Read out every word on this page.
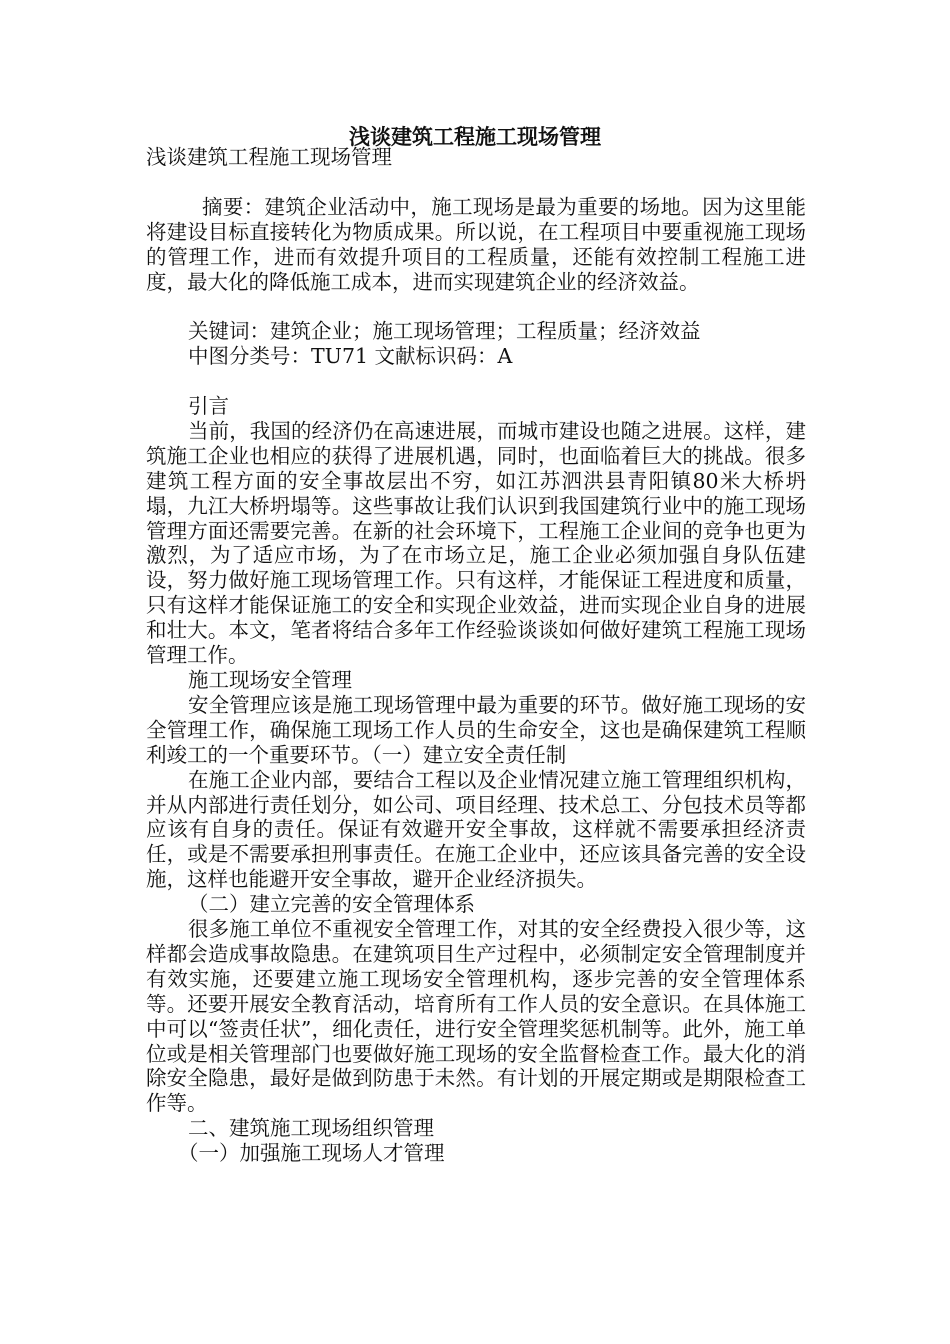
浅谈建筑工程施工现场管理

浅谈建筑工程施工现场管理

摘要：建筑企业活动中，施工现场是最为重要的场地。因为这里能将建设目标直接转化为物质成果。所以说，在工程项目中要重视施工现场的管理工作，进而有效提升项目的工程质量，还能有效控制工程施工进度，最大化的降低施工成本，进而实现建筑企业的经济效益。

关键词：建筑企业；施工现场管理；工程质量；经济效益

中图分类号：TU71 文献标识码：A

引言

当前，我国的经济仍在高速进展，而城市建设也随之进展。这样，建筑施工企业也相应的获得了进展机遇，同时，也面临着巨大的挑战。很多建筑工程方面的安全事故层出不穷，如江苏泗洪县青阳镇80米大桥坍塌，九江大桥坍塌等。这些事故让我们认识到我国建筑行业中的施工现场管理方面还需要完善。在新的社会环境下，工程施工企业间的竞争也更为激烈，为了适应市场，为了在市场立足，施工企业必须加强自身队伍建设，努力做好施工现场管理工作。只有这样，才能保证工程进度和质量，只有这样才能保证施工的安全和实现企业效益，进而实现企业自身的进展和壮大。本文，笔者将结合多年工作经验谈谈如何做好建筑工程施工现场管理工作。

施工现场安全管理

安全管理应该是施工现场管理中最为重要的环节。做好施工现场的安全管理工作，确保施工现场工作人员的生命安全，这也是确保建筑工程顺利竣工的一个重要环节。（一）建立安全责任制

在施工企业内部，要结合工程以及企业情况建立施工管理组织机构，并从内部进行责任划分，如公司、项目经理、技术总工、分包技术员等都应该有自身的责任。保证有效避开安全事故，这样就不需要承担经济责任，或是不需要承担刑事责任。在施工企业中，还应该具备完善的安全设施，这样也能避开安全事故，避开企业经济损失。

（二）建立完善的安全管理体系

很多施工单位不重视安全管理工作，对其的安全经费投入很少等，这样都会造成事故隐患。在建筑项目生产过程中，必须制定安全管理制度并有效实施，还要建立施工现场安全管理机构，逐步完善的安全管理体系等。还要开展安全教育活动，培育所有工作人员的安全意识。在具体施工中可以“签责任状”，细化责任，进行安全管理奖惩机制等。此外，施工单位或是相关管理部门也要做好施工现场的安全监督检查工作。最大化的消除安全隐患，最好是做到防患于未然。有计划的开展定期或是期限检查工作等。

二、建筑施工现场组织管理

（一）加强施工现场人才管理
